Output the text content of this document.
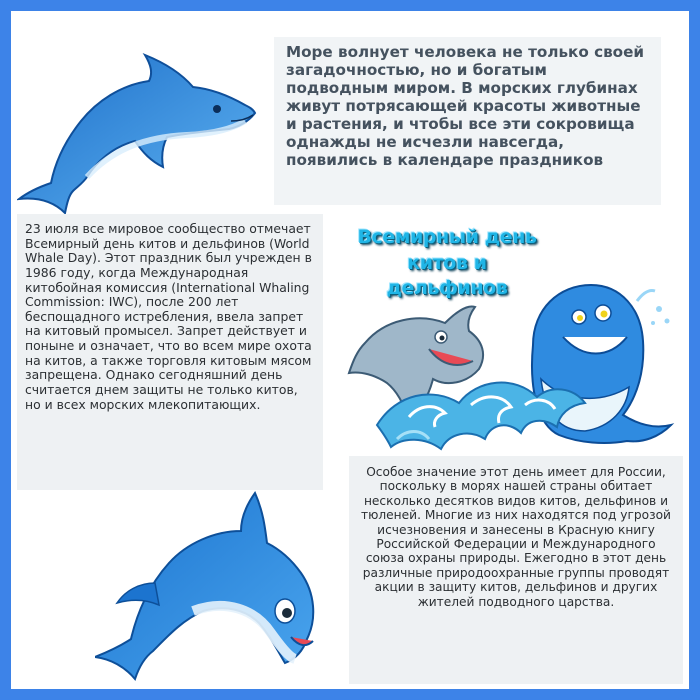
Море волнует человека не только своей загадочностью, но и богатым подводным миром. В морских глубинах живут потрясающей красоты животные и растения, и чтобы все эти сокровища однажды не исчезли навсегда, появились в календаре праздников
23 июля все мировое сообщество отмечает Всемирный день китов и дельфинов (World Whale Day). Этот праздник был учрежден в 1986 году, когда Международная китобойная комиссия (International Whaling Commission: IWC), после 200 лет беспощадного истребления, ввела запрет на китовый промысел. Запрет действует и поныне и означает, что во всем мире охота на китов, а также торговля китовым мясом запрещена. Однако сегодняшний день считается днем защиты не только китов, но и всех морских млекопитающих.
Всемирный день
китов и дельфинов
Особое значение этот день имеет для России, поскольку в морях нашей страны обитает несколько десятков видов китов, дельфинов и тюленей. Многие из них находятся под угрозой исчезновения и занесены в Красную книгу Российской Федерации и Международного союза охраны природы. Ежегодно в этот день различные природоохранные группы проводят акции в защиту китов, дельфинов и других жителей подводного царства.
